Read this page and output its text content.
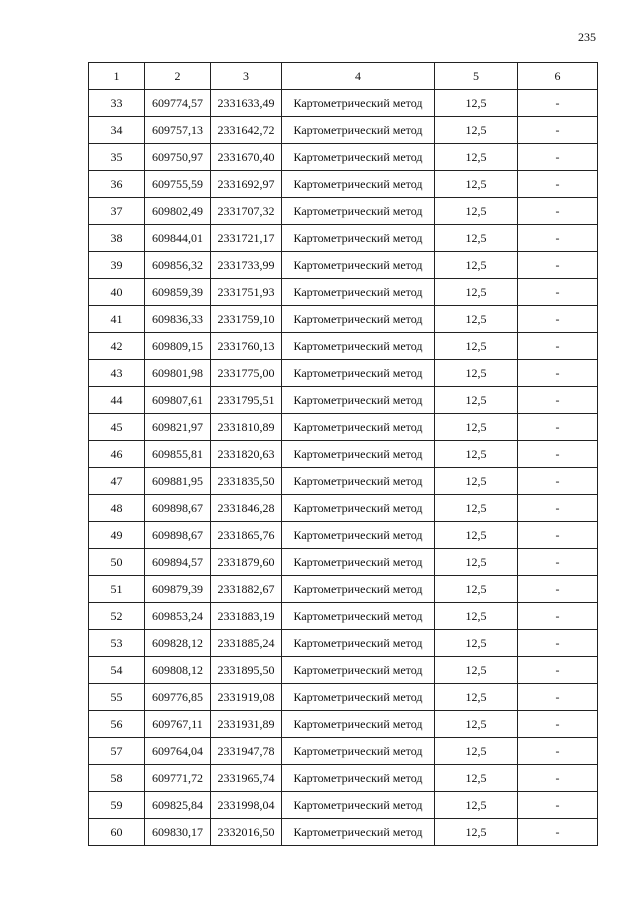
235
1	2	3	4	5	6
33	609774,57	2331633,49	Картометрический метод	12,5	-
34	609757,13	2331642,72	Картометрический метод	12,5	-
35	609750,97	2331670,40	Картометрический метод	12,5	-
36	609755,59	2331692,97	Картометрический метод	12,5	-
37	609802,49	2331707,32	Картометрический метод	12,5	-
38	609844,01	2331721,17	Картометрический метод	12,5	-
39	609856,32	2331733,99	Картометрический метод	12,5	-
40	609859,39	2331751,93	Картометрический метод	12,5	-
41	609836,33	2331759,10	Картометрический метод	12,5	-
42	609809,15	2331760,13	Картометрический метод	12,5	-
43	609801,98	2331775,00	Картометрический метод	12,5	-
44	609807,61	2331795,51	Картометрический метод	12,5	-
45	609821,97	2331810,89	Картометрический метод	12,5	-
46	609855,81	2331820,63	Картометрический метод	12,5	-
47	609881,95	2331835,50	Картометрический метод	12,5	-
48	609898,67	2331846,28	Картометрический метод	12,5	-
49	609898,67	2331865,76	Картометрический метод	12,5	-
50	609894,57	2331879,60	Картометрический метод	12,5	-
51	609879,39	2331882,67	Картометрический метод	12,5	-
52	609853,24	2331883,19	Картометрический метод	12,5	-
53	609828,12	2331885,24	Картометрический метод	12,5	-
54	609808,12	2331895,50	Картометрический метод	12,5	-
55	609776,85	2331919,08	Картометрический метод	12,5	-
56	609767,11	2331931,89	Картометрический метод	12,5	-
57	609764,04	2331947,78	Картометрический метод	12,5	-
58	609771,72	2331965,74	Картометрический метод	12,5	-
59	609825,84	2331998,04	Картометрический метод	12,5	-
60	609830,17	2332016,50	Картометрический метод	12,5	-
